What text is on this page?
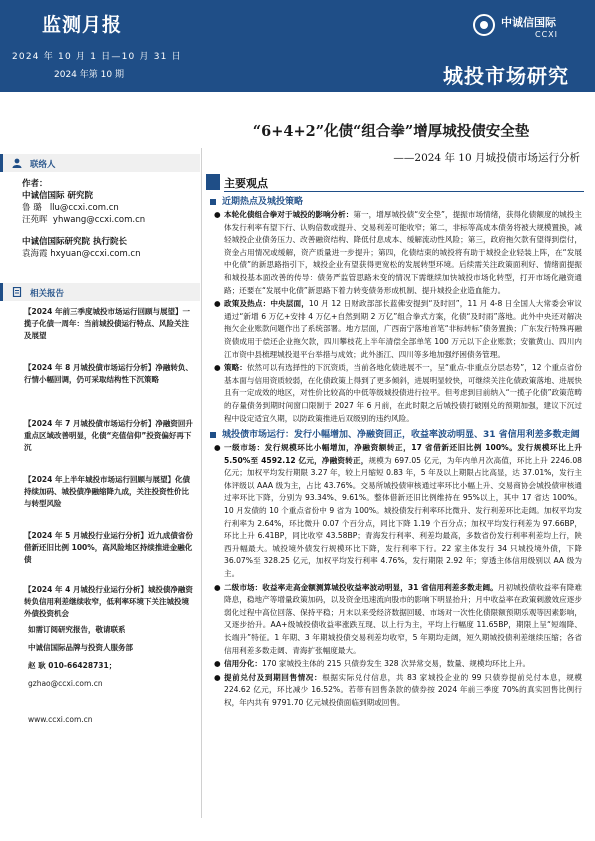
监测月报
2024 年 10 月 1 日—10 月 31 日
2024 年第 10 期
中诚信国际
CCXI
城投市场研究
“6+4+2”化债“组合拳”增厚城投债安全垫
——2024 年 10 月城投债市场运行分析
联络人
作者：
中诚信国际 研究院
鲁 璐 llu@ccxi.com.cn
汪苑晖 yhwang@ccxi.com.cn
中诚信国际研究院 执行院长
袁海霞 hxyuan@ccxi.com.cn
相关报告
【2024 年前三季度城投市场运行回顾与展望】一揽子化债一周年：当前城投债运行特点、风险关注及展望
【2024 年 8 月城投债市场运行分析】净融转负、行情小幅回调，仍可采取结构性下沉策略
【2024 年 7 月城投债市场运行分析】净融资回升重点区域改善明显，化债“充值信仰”投资偏好再下沉
【2024 年上半年城投市场运行回顾与展望】化债持续加码、城投债净融缩降九成，关注投资性价比与转型风险
【2024 年 5 月城投行业运行分析】近九成债省份借新还旧比例 100%，高风险地区持续推进金融化债
【2024 年 4 月城投行业运行分析】城投债净融资转负信用利差继续收窄，低利率环境下关注城投境外债投资机会
如需订阅研究报告，敬请联系
中诚信国际品牌与投资人服务部
赵 耿 010-66428731；
gzhao@ccxi.com.cn
www.ccxi.com.cn
主要观点
近期热点及城投策略
● 本轮化债组合拳对于城投的影响分析：第一，增厚城投债“安全垫”，提振市场情绪，获得化债额度的城投主体发行利率有望下行、认购倍数或提升、交易利差可能收窄；第二，非标等高成本债务将被大规模置换，减轻城投企业债务压力、改善融资结构、降低付息成本、缓解流动性风险；第三，政府拖欠款有望得到偿付，资金占用情况或缓解，资产质量进一步提升；第四，化债结束的城投将有助于城投企业轻装上阵，在“发展中化债”的新思路指引下，城投企业有望获得更宽松的发展转型环境。后续需关注政策面利好、情绪面提振和城投基本面改善的传导：债务严监管思路未变的情况下需继续加快城投市场化转型，打开市场化融资通路；还要在“发展中化债”新思路下着力转变债务形成机制、提升城投企业造血能力。
● 政策及热点：中央层面，10 月 12 日财政部部长蓝佛安提到“及时回”，11 月 4-8 日全国人大常委会审议通过“新增 6 万亿+安排 4 万亿+自然到期 2 万亿”组合拳式方案，化债“及时雨”落地。此外中央还对解决拖欠企业账款问题作出了系统部署。地方层面，广西南宁落地首笔“非标转标”债务置换；广东发行特殊再融资债成用于偿还企业拖欠款，四川攀枝花上半年清偿全部单笔 100 万元以下企业账款；安徽黄山、四川内江市资中县梳理城投退平台举措与成效；此外浙江、四川等多地加强纾困债务管理。
● 策略：依然可以有选择性的下沉资质，当前各地化债进展不一，呈“重点-非重点分层态势”，12 个重点省份基本面与信用资质较弱，在化债政策上得到了更多倾斜，进展明显较快，可继续关注化债政策落地、进展快且有一定成效的地区，对性价比较高的中低等级城投债进行拉平。但考虑到目前纳入“一揽子化债”政策范畴的存量债务到期时间窗口限制于 2027 年 6 月前，在此时限之后城投债打破刚兑的预期加强，建议下沉过程中设定适宜久期，以防政策推进后双级别的违约风险。
城投债市场运行：发行小幅增加、净融资回正，收益率波动明显、31 省信用利差多数走阔
● 一级市场：发行规模环比小幅增加，净融资额转正，17 省借新还旧比例 100%。发行规模环比上升 5.50%至 4592.12 亿元，净融资转正，规模为 697.05 亿元，为年内单月次高值，环比上升 2246.08 亿元；加权平均发行期限 3.27 年，较上月缩短 0.83 年，5 年及以上期限占比高显，达 37.01%，发行主体评级以 AAA 级为主，占比 43.76%。交易所城投债审核通过率环比小幅上升、交易商协会城投债审核通过率环比下降，分别为 93.34%、9.61%。整体借新还旧比例维持在 95%以上，其中 17 省达 100%。10 月发债的 10 个重点省份中 9 省为 100%。城投债发行利率环比微升、发行利差环比走阔。加权平均发行利率为 2.64%，环比微升 0.07 个百分点，同比下降 1.19 个百分点；加权平均发行利差为 97.66BP，环比上升 6.41BP，同比收窄 43.58BP；青海发行利率、利差均最高，多数省份发行利率利差均上行，陕西升幅最大。城投境外债发行规模环比下降，发行利率下行。22 家主体发行 34 只城投境外债，下降 36.07%至 328.25 亿元，加权平均发行利率 4.76%，发行期限 2.92 年；穿透主体信用级别以 AA 级为主。
● 二级市场：收益率走高金额测算城投收益率波动明显，31 省信用利差多数走阔。月初城投债收益率有降难降息，稳地产等增量政策加码，以及资金迅速流向股市的影响下明显抬升；月中收益率在政策刺激效应逐步弱化过程中高位回落、保持平稳；月末以来受经济数据回暖、市场对一次性化债限额预期乐观等因素影响，又逐步抬升。AA+级城投债收益率涨跌互现、以上行为主，平均上行幅度 11.65BP，期限上呈“短端降、长端升”特征。1 年期、3 年期城投债交易利差均收窄，5 年期均走阔，短久期城投债利差继续压缩；各省信用利差多数走阔、青海扩张幅度最大。
● 信用分化：170 家城投主体的 215 只债券发生 328 次异常交易，数量、规模均环比上升。
● 提前兑付及到期回售情况：根据实际兑付信息，共 83 家城投企业的 99 只债券提前兑付本息，规模 224.62 亿元，环比减少 16.52%。若带有回售条款的债券按 2024 年前三季度 70%的真实回售比例行权，年内共有 9791.70 亿元城投债面临到期或回售。
